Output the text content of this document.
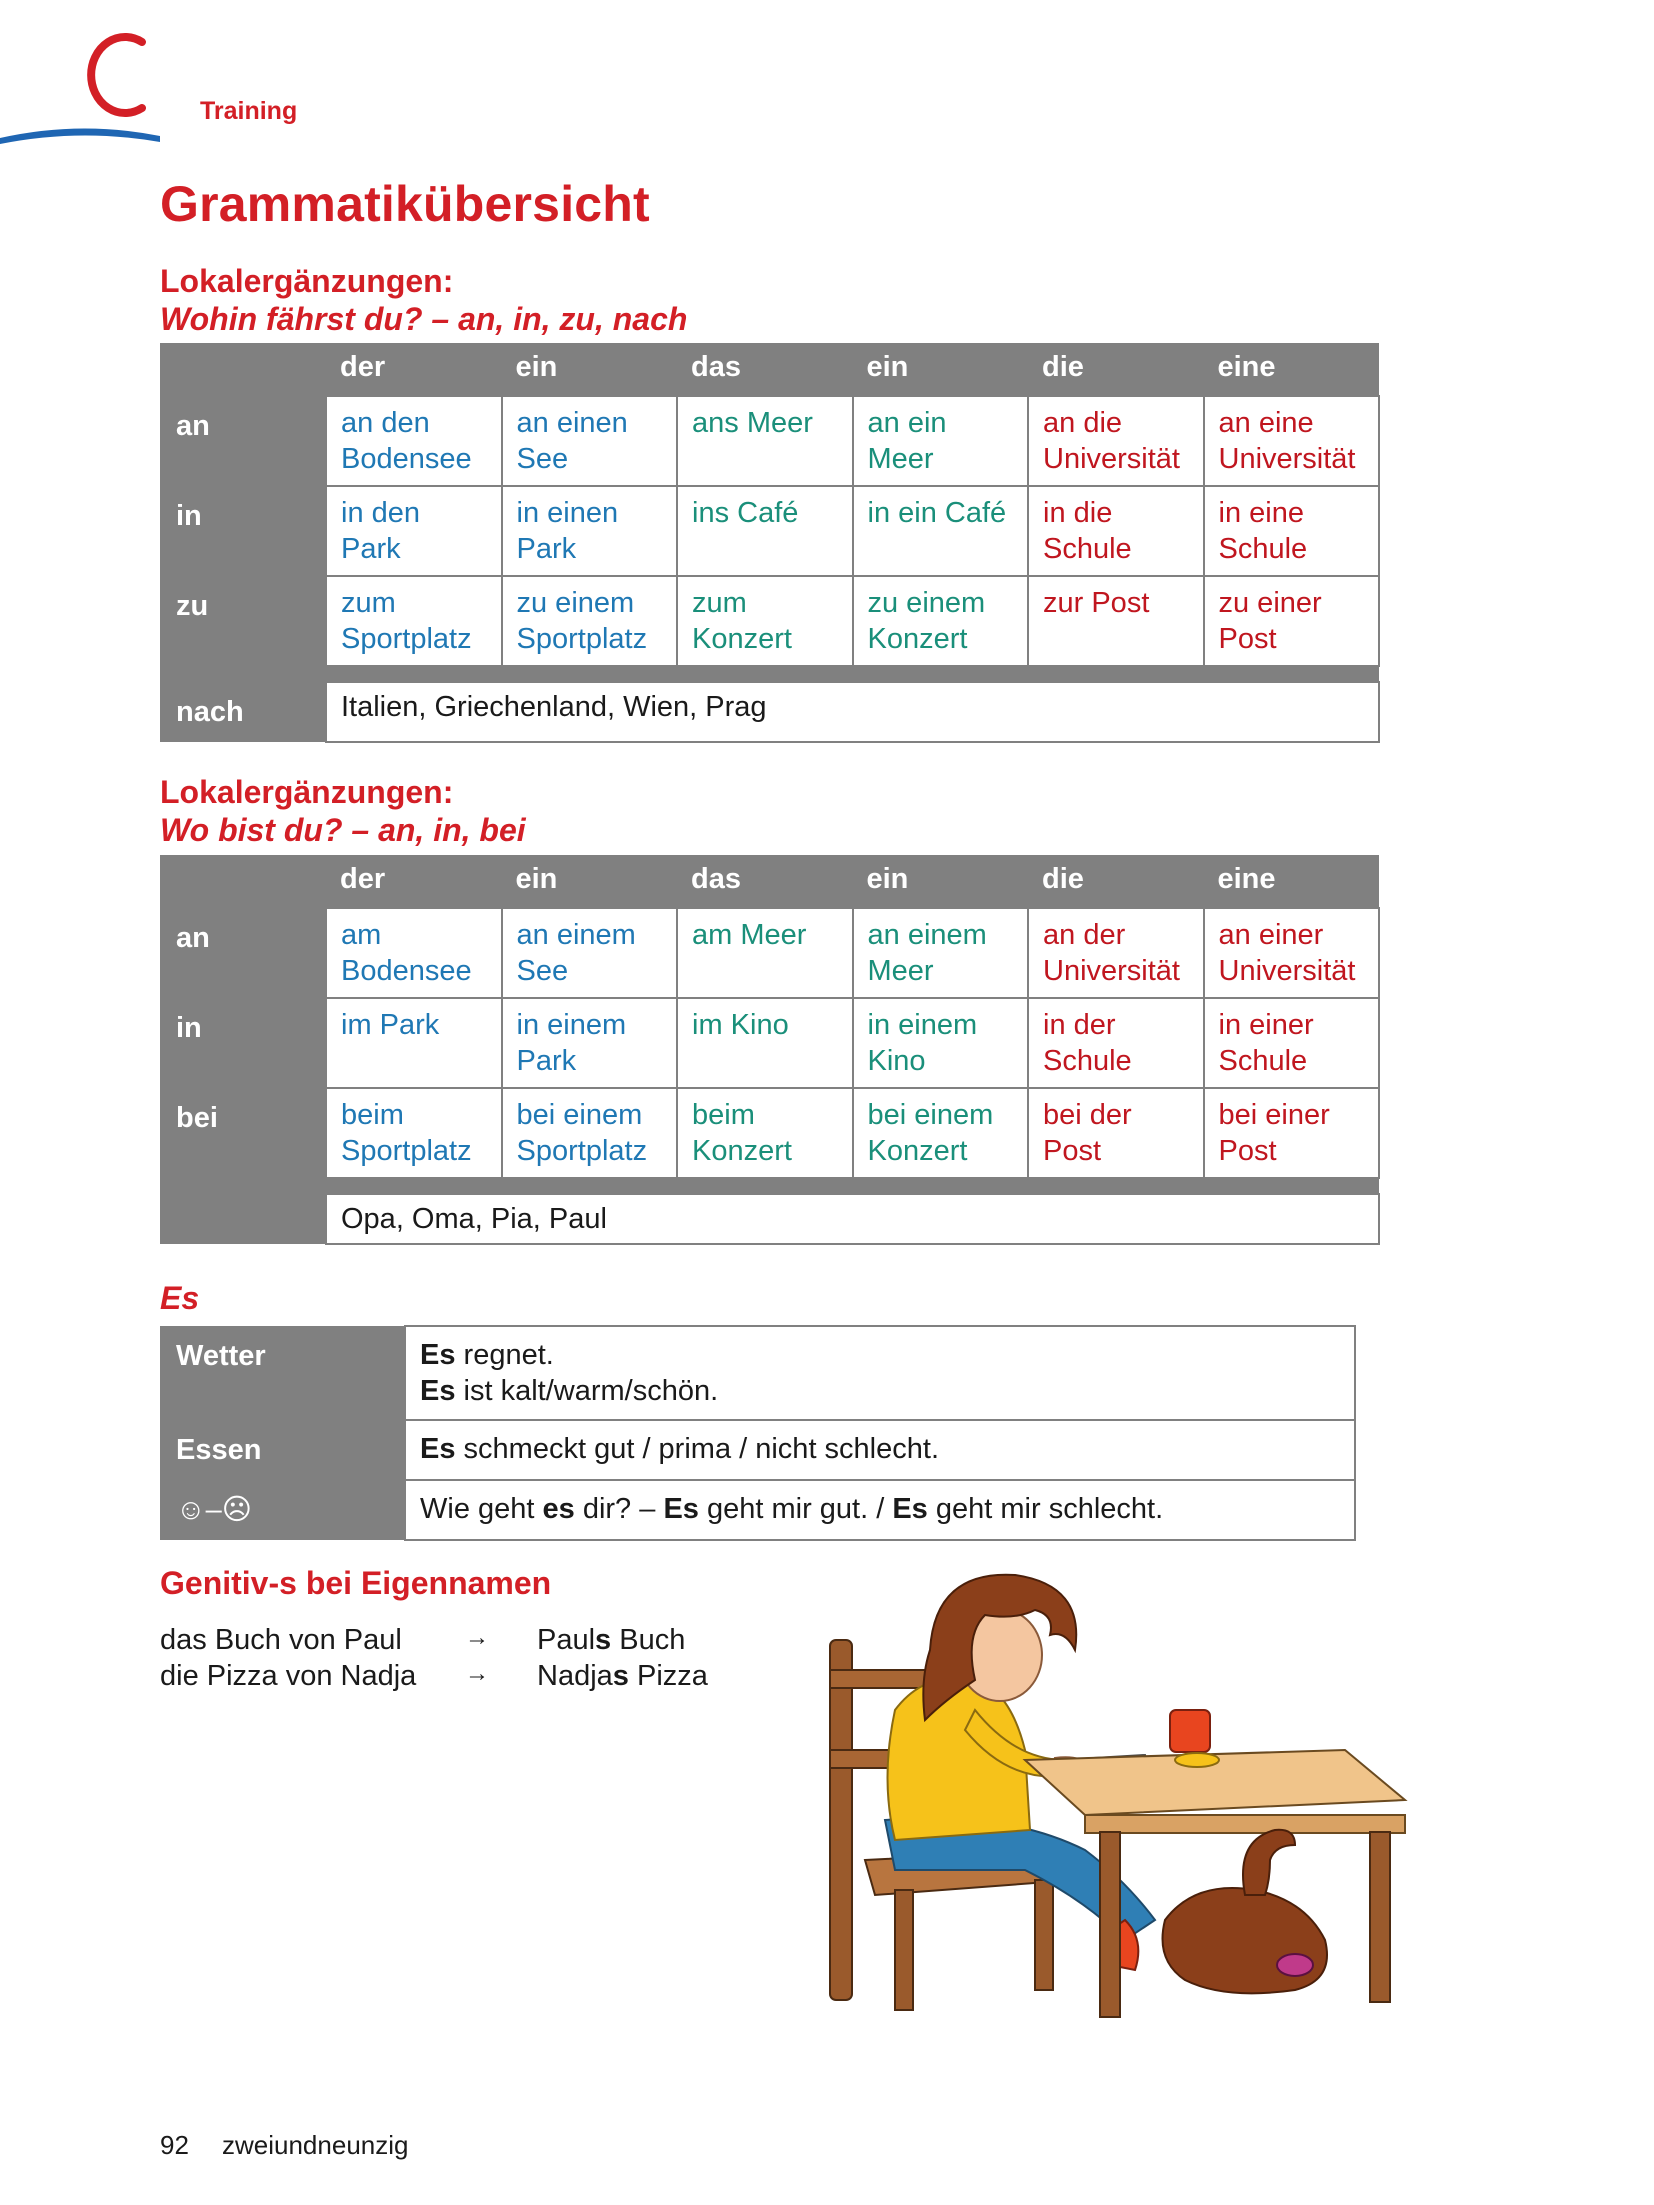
Training
Grammatikübersicht
Lokalergänzungen:
Wohin fährst du? – an, in, zu, nach
	der	ein	das	ein	die	eine
an	an den Bodensee	an einen See	ans Meer	an ein Meer	an die Universität	an eine Universität
in	in den Park	in einen Park	ins Café	in ein Café	in die Schule	in eine Schule
zu	zum Sportplatz	zu einem Sportplatz	zum Konzert	zu einem Konzert	zur Post	zu einer Post

nach	Italien, Griechenland, Wien, Prag					
Lokalergänzungen:
Wo bist du? – an, in, bei
	der	ein	das	ein	die	eine
an	am Bodensee	an einem See	am Meer	an einem Meer	an der Universität	an einer Universität
in	im Park	in einem Park	im Kino	in einem Kino	in der Schule	in einer Schule
bei	beim Sportplatz	bei einem Sportplatz	beim Konzert	bei einem Konzert	bei der Post	bei einer Post

	Opa, Oma, Pia, Paul					
Es
Wetter	Es regnet.
Es ist kalt/warm/schön.

Essen	Es schmeckt gut / prima / nicht schlecht.
☺–☹	Wie geht es dir? – Es geht mir gut. / Es geht mir schlecht.
Genitiv-s bei Eigennamen
das Buch von Paul	→ Pauls Buch
die Pizza von Nadja → Nadjas Pizza
92 zweiundneunzig
